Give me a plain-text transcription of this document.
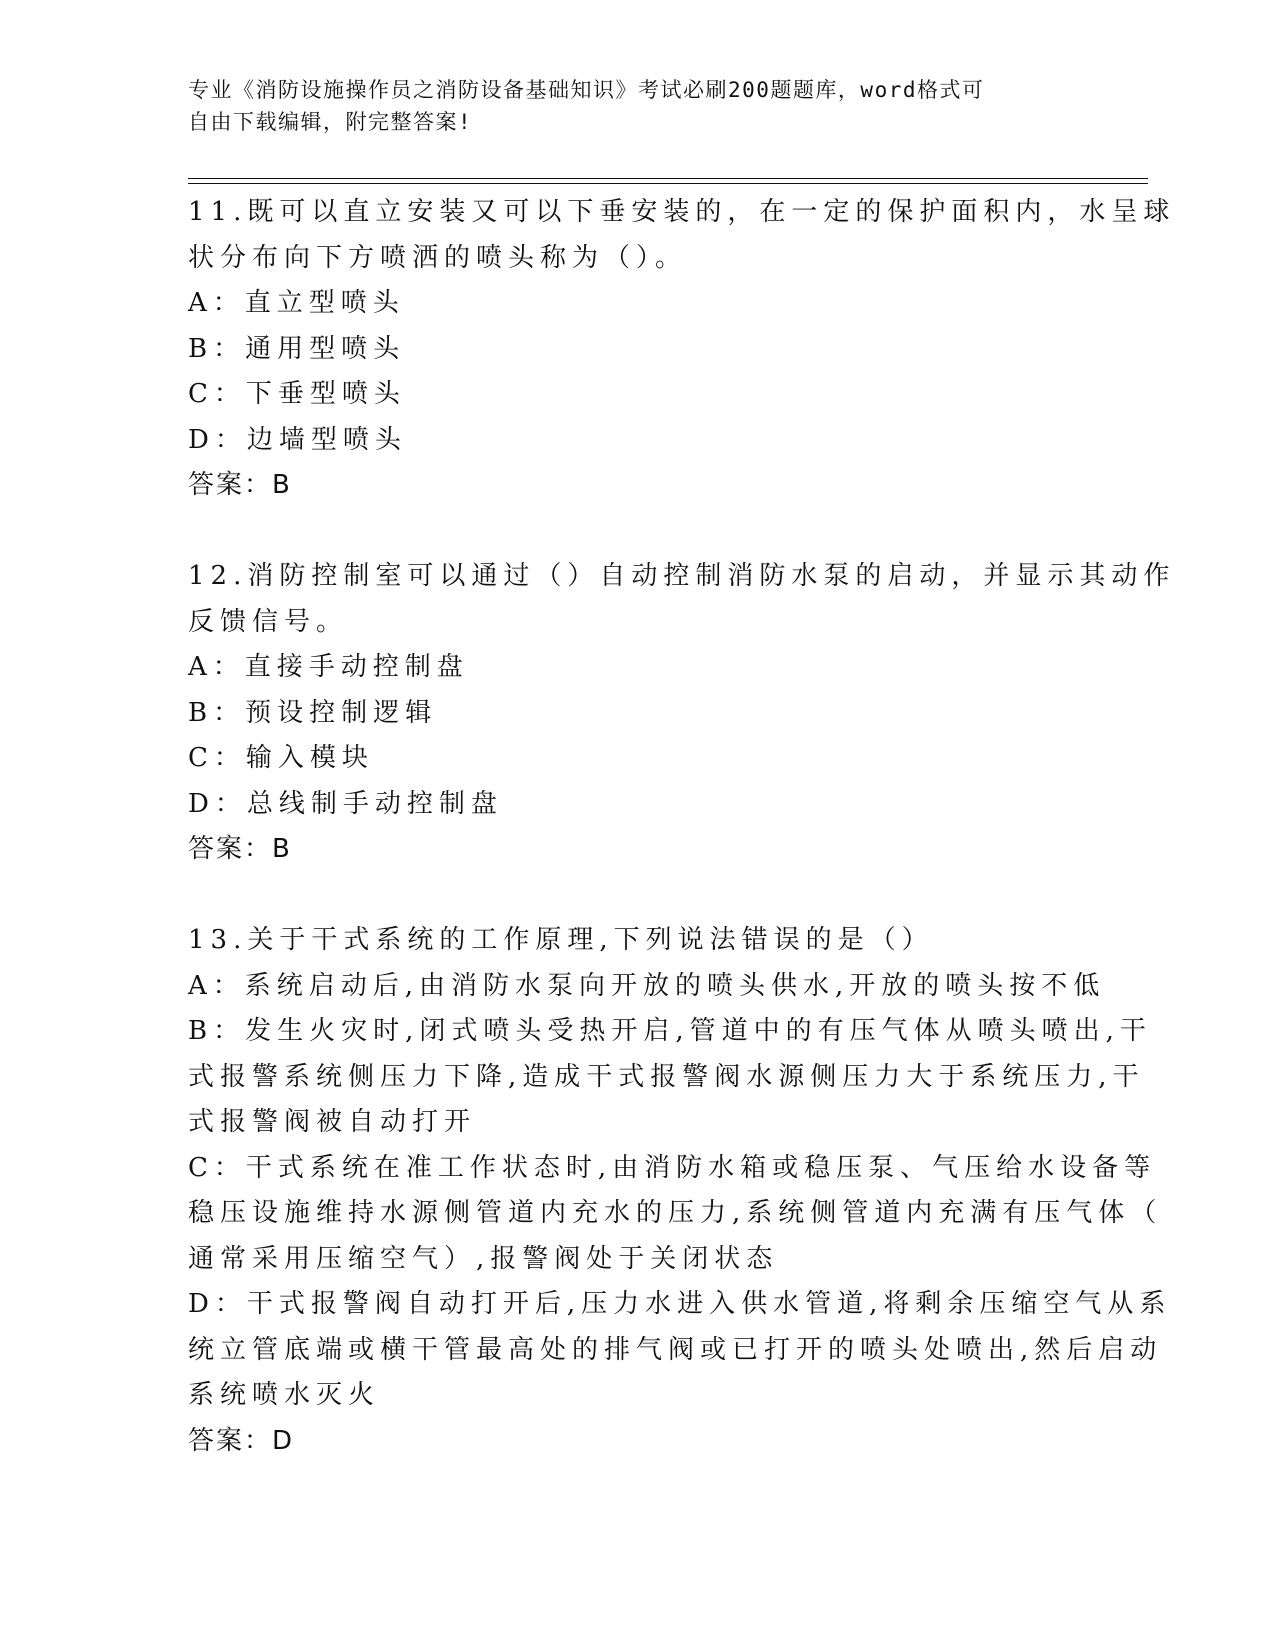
专业《消防设施操作员之消防设备基础知识》考试必刷200题题库，word格式可
自由下载编辑，附完整答案!
11.既可以直立安装又可以下垂安装的，在一定的保护面积内，水呈球
状分布向下方喷洒的喷头称为（）。
A：直立型喷头
B：通用型喷头
C：下垂型喷头
D：边墙型喷头
答案：B
12.消防控制室可以通过（）自动控制消防水泵的启动，并显示其动作
反馈信号。
A：直接手动控制盘
B：预设控制逻辑
C：输入模块
D：总线制手动控制盘
答案：B
13.关于干式系统的工作原理,下列说法错误的是（）
A：系统启动后,由消防水泵向开放的喷头供水,开放的喷头按不低
B：发生火灾时,闭式喷头受热开启,管道中的有压气体从喷头喷出,干
式报警系统侧压力下降,造成干式报警阀水源侧压力大于系统压力,干
式报警阀被自动打开
C：干式系统在准工作状态时,由消防水箱或稳压泵、气压给水设备等
稳压设施维持水源侧管道内充水的压力,系统侧管道内充满有压气体（
通常采用压缩空气）,报警阀处于关闭状态
D：干式报警阀自动打开后,压力水进入供水管道,将剩余压缩空气从系
统立管底端或横干管最高处的排气阀或已打开的喷头处喷出,然后启动
系统喷水灭火
答案：D
